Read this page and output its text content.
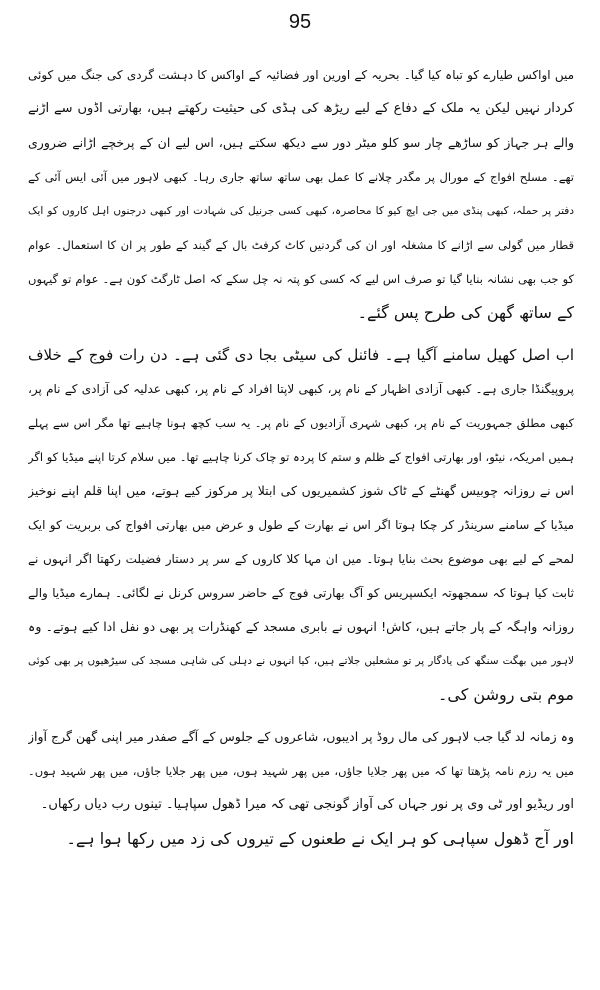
95
میں اواکس طیارے کو تباہ کیا گیا۔ بحریہ کے اورین اور فضائیہ کے اواکس کا دہشت گردی کی جنگ میں کوئی
کردار نہیں لیکن یہ ملک کے دفاع کے لیے ریڑھ کی ہڈی کی حیثیت رکھتے ہیں، بھارتی اڈوں سے اڑنے
والے ہر جہاز کو ساڑھے چار سو کلو میٹر دور سے دیکھ سکتے ہیں، اس لیے ان کے پرخچے اڑانے ضروری
تھے۔ مسلح افواج کے مورال پر مگدر چلانے کا عمل بھی ساتھ ساتھ جاری رہا۔ کبھی لاہور میں آئی ایس آئی کے
دفتر پر حملہ، کبھی پنڈی میں جی ایچ کیو کا محاصرہ، کبھی کسی جرنیل کی شہادت اور کبھی درجنوں اہل کاروں کو ایک
قطار میں گولی سے اڑانے کا مشغلہ اور ان کی گردنیں کاٹ کرفٹ بال کے گیند کے طور پر ان کا استعمال۔ عوام
کو جب بھی نشانہ بنایا گیا تو صرف اس لیے کہ کسی کو پتہ نہ چل سکے کہ اصل ٹارگٹ کون ہے۔ عوام تو گیہوں
کے ساتھ گھن کی طرح پس گئے۔
اب اصل کھیل سامنے آگیا ہے۔ فائنل کی سیٹی بجا دی گئی ہے۔ دن رات فوج کے خلاف
پروپیگنڈا جاری ہے۔ کبھی آزادی اظہار کے نام پر، کبھی لاپتا افراد کے نام پر، کبھی عدلیہ کی آزادی کے نام پر،
کبھی مطلق جمہوریت کے نام پر، کبھی شہری آزادیوں کے نام پر۔ یہ سب کچھ ہونا چاہیے تھا مگر اس سے پہلے
ہمیں امریکہ، نیٹو، اور بھارتی افواج کے ظلم و ستم کا پردہ تو چاک کرنا چاہیے تھا۔ میں سلام کرتا اپنے میڈیا کو اگر
اس نے روزانہ چوبیس گھنٹے کے ٹاک شوز کشمیریوں کی ابتلا پر مرکوز کیے ہوتے، میں اپنا قلم اپنے نوخیز
میڈیا کے سامنے سرینڈر کر چکا ہوتا اگر اس نے بھارت کے طول و عرض میں بھارتی افواج کی بربریت کو ایک
لمحے کے لیے بھی موضوع بحث بنایا ہوتا۔ میں ان مہا کلا کاروں کے سر پر دستار فضیلت رکھتا اگر انہوں نے
ثابت کیا ہوتا کہ سمجھوتہ ایکسپریس کو آگ بھارتی فوج کے حاضر سروس کرنل نے لگائی۔ ہمارے میڈیا والے
روزانہ واہگہ کے پار جاتے ہیں، کاش! انہوں نے بابری مسجد کے کھنڈرات پر بھی دو نفل ادا کیے ہوتے۔ وہ
لاہور میں بھگت سنگھ کی یادگار پر تو مشعلیں جلاتے ہیں، کیا انہوں نے دہلی کی شاہی مسجد کی سیڑھیوں پر بھی کوئی
موم بتی روشن کی۔
وہ زمانہ لد گیا جب لاہور کی مال روڈ پر ادیبوں، شاعروں کے جلوس کے آگے صفدر میر اپنی گھن گرج آواز
میں یہ رزم نامہ پڑھتا تھا کہ میں پھر جلایا جاؤں، میں پھر شہید ہوں، میں پھر جلایا جاؤں، میں پھر شہید ہوں۔
اور ریڈیو اور ٹی وی پر نور جہاں کی آواز گونجی تھی کہ میرا ڈھول سپاہیا۔ تینوں رب دیاں رکھاں۔
اور آج ڈھول سپاہی کو ہر ایک نے طعنوں کے تیروں کی زد میں رکھا ہوا ہے۔
